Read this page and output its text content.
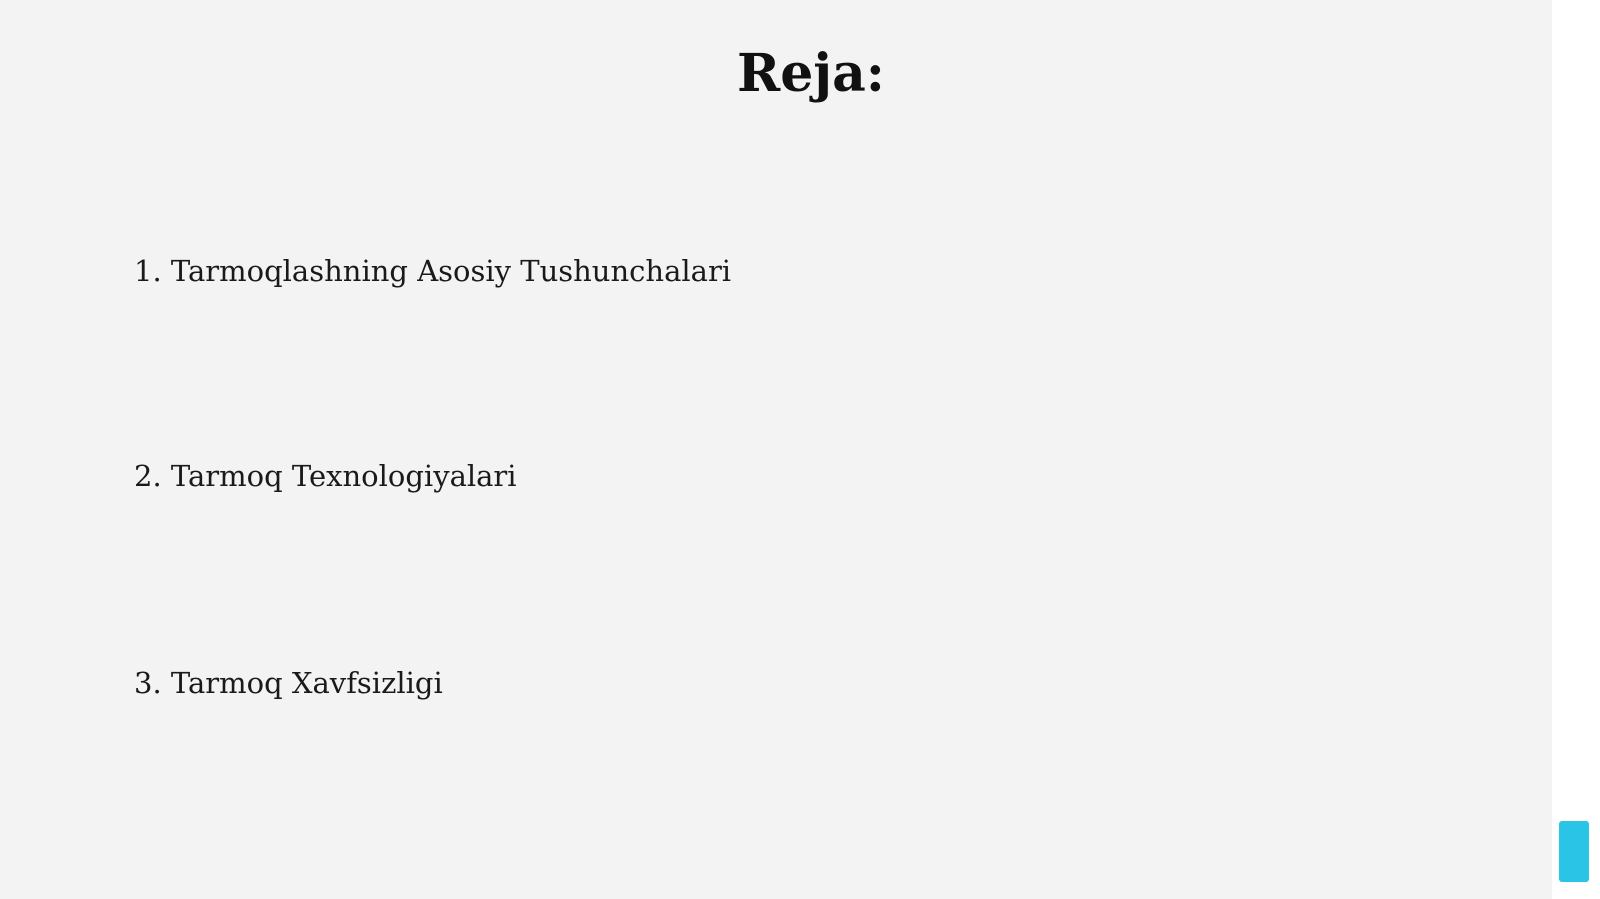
Reja:

1. Tarmoqlashning Asosiy Tushunchalari

2. Tarmoq Texnologiyalari

3. Tarmoq Xavfsizligi
